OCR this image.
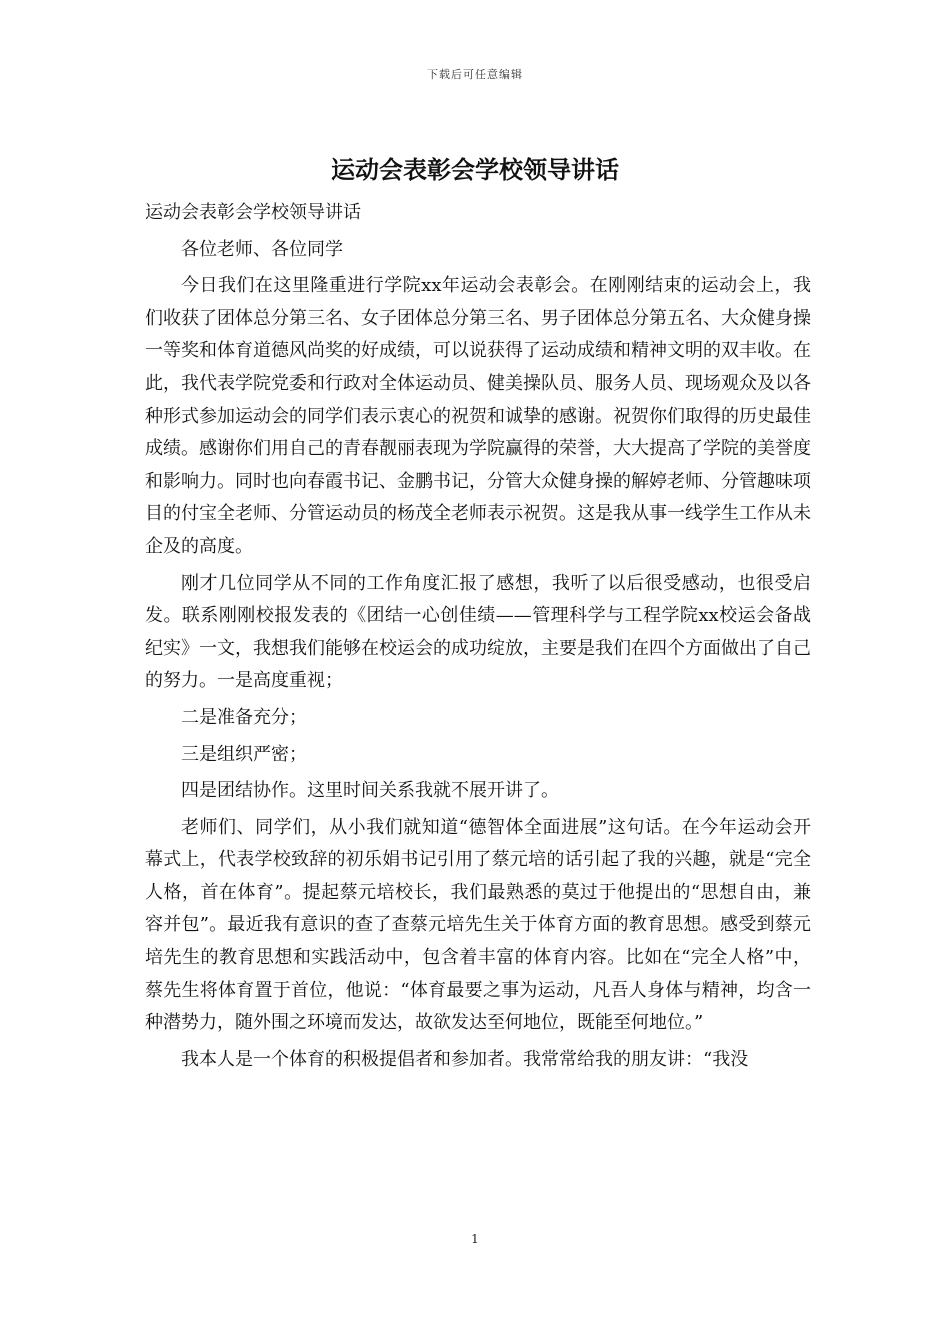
下载后可任意编辑
运动会表彰会学校领导讲话

运动会表彰会学校领导讲话

各位老师、各位同学

今日我们在这里隆重进行学院xx年运动会表彰会。在刚刚结束的运动会上，我们收获了团体总分第三名、女子团体总分第三名、男子团体总分第五名、大众健身操一等奖和体育道德风尚奖的好成绩，可以说获得了运动成绩和精神文明的双丰收。在此，我代表学院党委和行政对全体运动员、健美操队员、服务人员、现场观众及以各种形式参加运动会的同学们表示衷心的祝贺和诚挚的感谢。祝贺你们取得的历史最佳成绩。感谢你们用自己的青春靓丽表现为学院赢得的荣誉，大大提高了学院的美誉度和影响力。同时也向春霞书记、金鹏书记，分管大众健身操的解婷老师、分管趣味项目的付宝全老师、分管运动员的杨茂全老师表示祝贺。这是我从事一线学生工作从未企及的高度。

刚才几位同学从不同的工作角度汇报了感想，我听了以后很受感动，也很受启发。联系刚刚校报发表的《团结一心创佳绩——管理科学与工程学院xx校运会备战纪实》一文，我想我们能够在校运会的成功绽放，主要是我们在四个方面做出了自己的努力。一是高度重视；

二是准备充分；

三是组织严密；

四是团结协作。这里时间关系我就不展开讲了。

老师们、同学们，从小我们就知道“德智体全面进展”这句话。在今年运动会开幕式上，代表学校致辞的初乐娟书记引用了蔡元培的话引起了我的兴趣，就是“完全人格，首在体育”。提起蔡元培校长，我们最熟悉的莫过于他提出的“思想自由，兼容并包”。最近我有意识的查了查蔡元培先生关于体育方面的教育思想。感受到蔡元培先生的教育思想和实践活动中，包含着丰富的体育内容。比如在“完全人格”中，蔡先生将体育置于首位，他说：“体育最要之事为运动，凡吾人身体与精神，均含一种潜势力，随外围之环境而发达，故欲发达至何地位，既能至何地位。”

我本人是一个体育的积极提倡者和参加者。我常常给我的朋友讲：“我没

1
